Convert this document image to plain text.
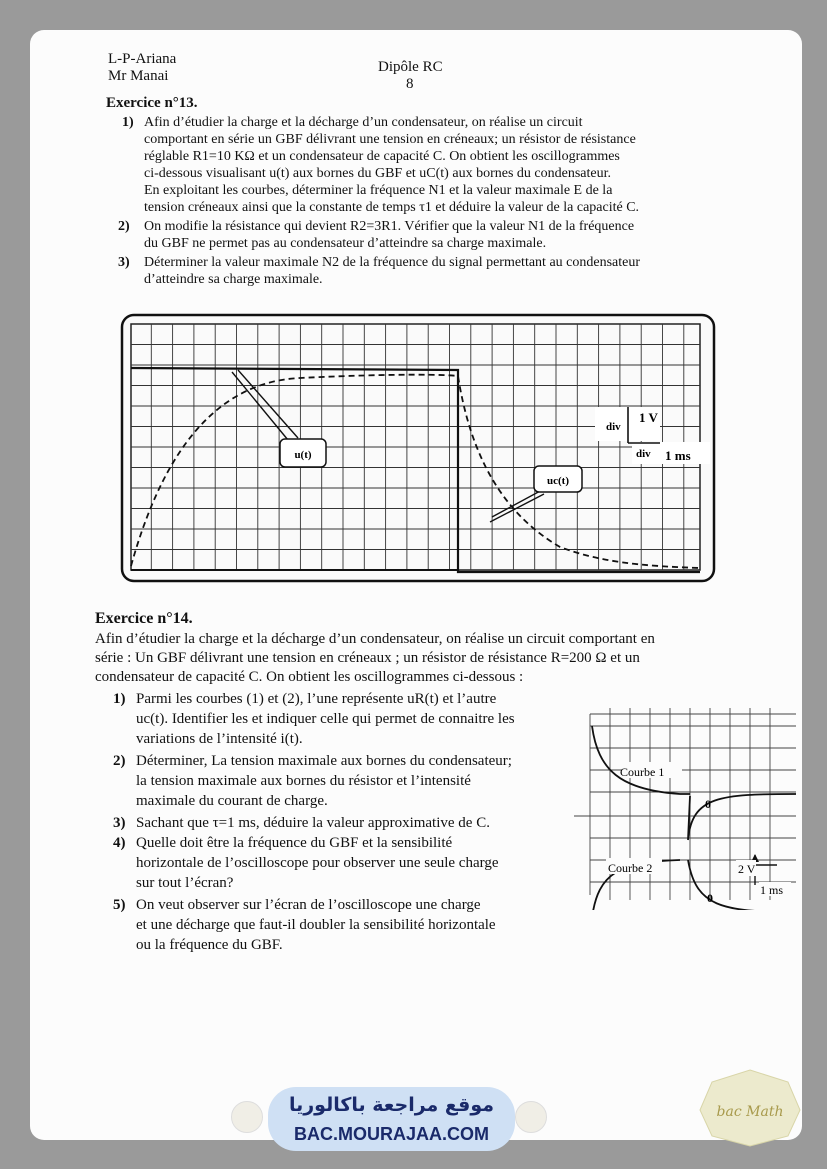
L-P-Ariana
Mr Manai
Dipôle RC
8
Exercice n°13.
1) Afin d’étudier la charge et la décharge d’un condensateur, on réalise un circuit
comportant en série un GBF délivrant une tension en créneaux; un résistor de résistance
réglable R1=10 KΩ et un condensateur de capacité C. On obtient les oscillogrammes
ci-dessous visualisant u(t) aux bornes du GBF et uC(t) aux bornes du condensateur.
En exploitant les courbes, déterminer la fréquence N1 et la valeur maximale E de la
tension créneaux ainsi que la constante de temps τ1 et déduire la valeur de la capacité C.
2) On modifie la résistance qui devient R2=3R1. Vérifier que la valeur N1 de la fréquence
du GBF ne permet pas au condensateur d’atteindre sa charge maximale.
3) Déterminer la valeur maximale N2 de la fréquence du signal permettant au condensateur
d’atteindre sa charge maximale.
u(t)
uc(t)
div
1 V
div 1 ms
Exercice n°14.
Afin d’étudier la charge et la décharge d’un condensateur, on réalise un circuit comportant en
série : Un GBF délivrant une tension en créneaux ; un résistor de résistance R=200 Ω et un
condensateur de capacité C. On obtient les oscillogrammes ci-dessous :
1) Parmi les courbes (1) et (2), l’une représente uR(t) et l’autre
uc(t). Identifier les et indiquer celle qui permet de connaitre les
variations de l’intensité i(t).
2) Déterminer, La tension maximale aux bornes du condensateur;
la tension maximale aux bornes du résistor et l’intensité
maximale du courant de charge.
3) Sachant que τ=1 ms, déduire la valeur approximative de C.
4) Quelle doit être la fréquence du GBF et la sensibilité
horizontale de l’oscilloscope pour observer une seule charge
sur tout l’écran?
5) On veut observer sur l’écran de l’oscilloscope une charge
et une décharge que faut-il doubler la sensibilité horizontale
ou la fréquence du GBF.
Courbe 1
Courbe 2
0
0
2 V
1 ms
موقع مراجعة باكالوريا
BAC.MOURAJAA.COM
bac Math
